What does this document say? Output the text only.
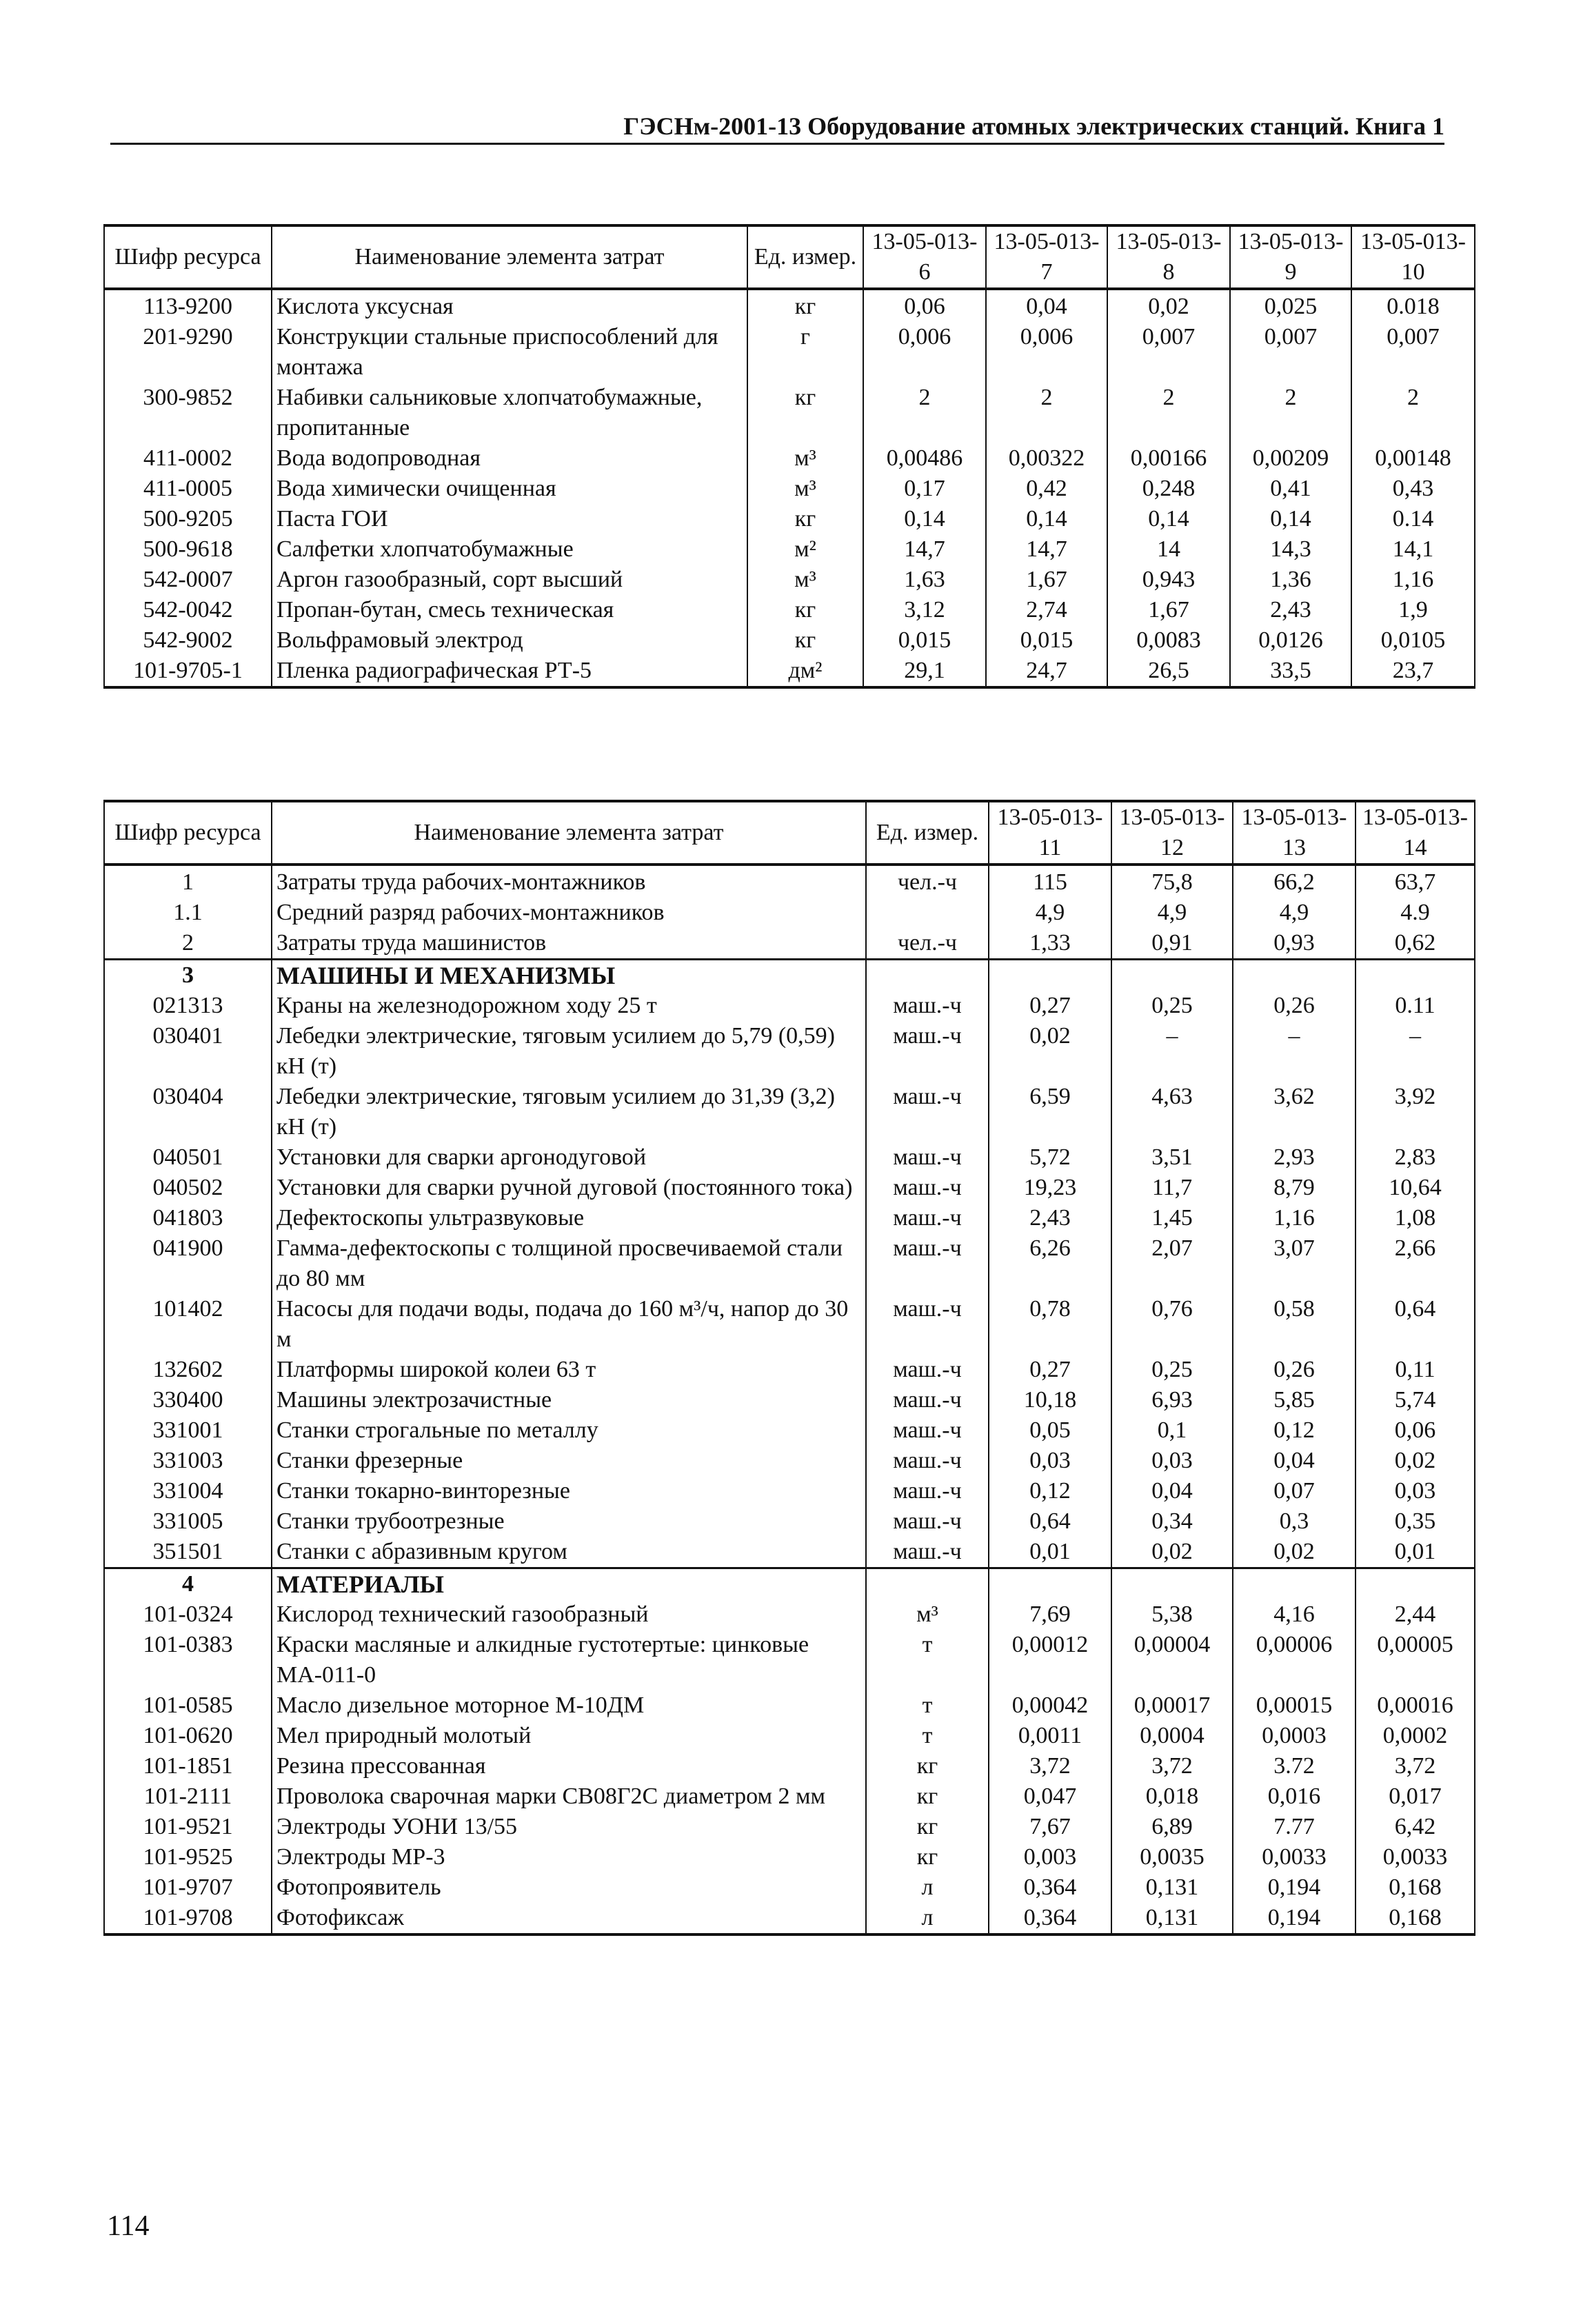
ГЭСНм-2001-13 Оборудование атомных электрических станций. Книга 1
Шифр ресурса	Наименование элемента затрат	Ед. измер.	13-05-013-6	13-05-013-7	13-05-013-8	13-05-013-9	13-05-013-10
113-9200	Кислота уксусная	кг	0,06	0,04	0,02	0,025	0.018
201-9290	Конструкции стальные приспособлений для монтажа	г	0,006	0,006	0,007	0,007	0,007
300-9852	Набивки сальниковые хлопчатобумажные, пропитанные	кг	2	2	2	2	2
411-0002	Вода водопроводная	м³	0,00486	0,00322	0,00166	0,00209	0,00148
411-0005	Вода химически очищенная	м³	0,17	0,42	0,248	0,41	0,43
500-9205	Паста ГОИ	кг	0,14	0,14	0,14	0,14	0.14
500-9618	Салфетки хлопчатобумажные	м²	14,7	14,7	14	14,3	14,1
542-0007	Аргон газообразный, сорт высший	м³	1,63	1,67	0,943	1,36	1,16
542-0042	Пропан-бутан, смесь техническая	кг	3,12	2,74	1,67	2,43	1,9
542-9002	Вольфрамовый электрод	кг	0,015	0,015	0,0083	0,0126	0,0105
101-9705-1	Пленка радиографическая РТ-5	дм²	29,1	24,7	26,5	33,5	23,7
Шифр ресурса	Наименование элемента затрат	Ед. измер.	13-05-013-11	13-05-013-12	13-05-013-13	13-05-013-14
1	Затраты труда рабочих-монтажников	чел.-ч	115	75,8	66,2	63,7
1.1	Средний разряд рабочих-монтажников		4,9	4,9	4,9	4.9
2	Затраты труда машинистов	чел.-ч	1,33	0,91	0,93	0,62
3	МАШИНЫ И МЕХАНИЗМЫ					
021313	Краны на железнодорожном ходу 25 т	маш.-ч	0,27	0,25	0,26	0.11
030401	Лебедки электрические, тяговым усилием до 5,79 (0,59) кН (т)	маш.-ч	0,02	–	–	–
030404	Лебедки электрические, тяговым усилием до 31,39 (3,2) кН (т)	маш.-ч	6,59	4,63	3,62	3,92
040501	Установки для сварки аргонодуговой	маш.-ч	5,72	3,51	2,93	2,83
040502	Установки для сварки ручной дуговой (постоянного тока)	маш.-ч	19,23	11,7	8,79	10,64
041803	Дефектоскопы ультразвуковые	маш.-ч	2,43	1,45	1,16	1,08
041900	Гамма-дефектоскопы с толщиной просвечиваемой стали до 80 мм	маш.-ч	6,26	2,07	3,07	2,66
101402	Насосы для подачи воды, подача до 160 м³/ч, напор до 30 м	маш.-ч	0,78	0,76	0,58	0,64
132602	Платформы широкой колеи 63 т	маш.-ч	0,27	0,25	0,26	0,11
330400	Машины электрозачистные	маш.-ч	10,18	6,93	5,85	5,74
331001	Станки строгальные по металлу	маш.-ч	0,05	0,1	0,12	0,06
331003	Станки фрезерные	маш.-ч	0,03	0,03	0,04	0,02
331004	Станки токарно-винторезные	маш.-ч	0,12	0,04	0,07	0,03
331005	Станки трубоотрезные	маш.-ч	0,64	0,34	0,3	0,35
351501	Станки с абразивным кругом	маш.-ч	0,01	0,02	0,02	0,01
4	МАТЕРИАЛЫ					
101-0324	Кислород технический газообразный	м³	7,69	5,38	4,16	2,44
101-0383	Краски масляные и алкидные густотертые: цинковые МА-011-0	т	0,00012	0,00004	0,00006	0,00005
101-0585	Масло дизельное моторное М-10ДМ	т	0,00042	0,00017	0,00015	0,00016
101-0620	Мел природный молотый	т	0,0011	0,0004	0,0003	0,0002
101-1851	Резина прессованная	кг	3,72	3,72	3.72	3,72
101-2111	Проволока сварочная марки СВ08Г2С диаметром 2 мм	кг	0,047	0,018	0,016	0,017
101-9521	Электроды УОНИ 13/55	кг	7,67	6,89	7.77	6,42
101-9525	Электроды МР-3	кг	0,003	0,0035	0,0033	0,0033
101-9707	Фотопроявитель	л	0,364	0,131	0,194	0,168
101-9708	Фотофиксаж	л	0,364	0,131	0,194	0,168
114
